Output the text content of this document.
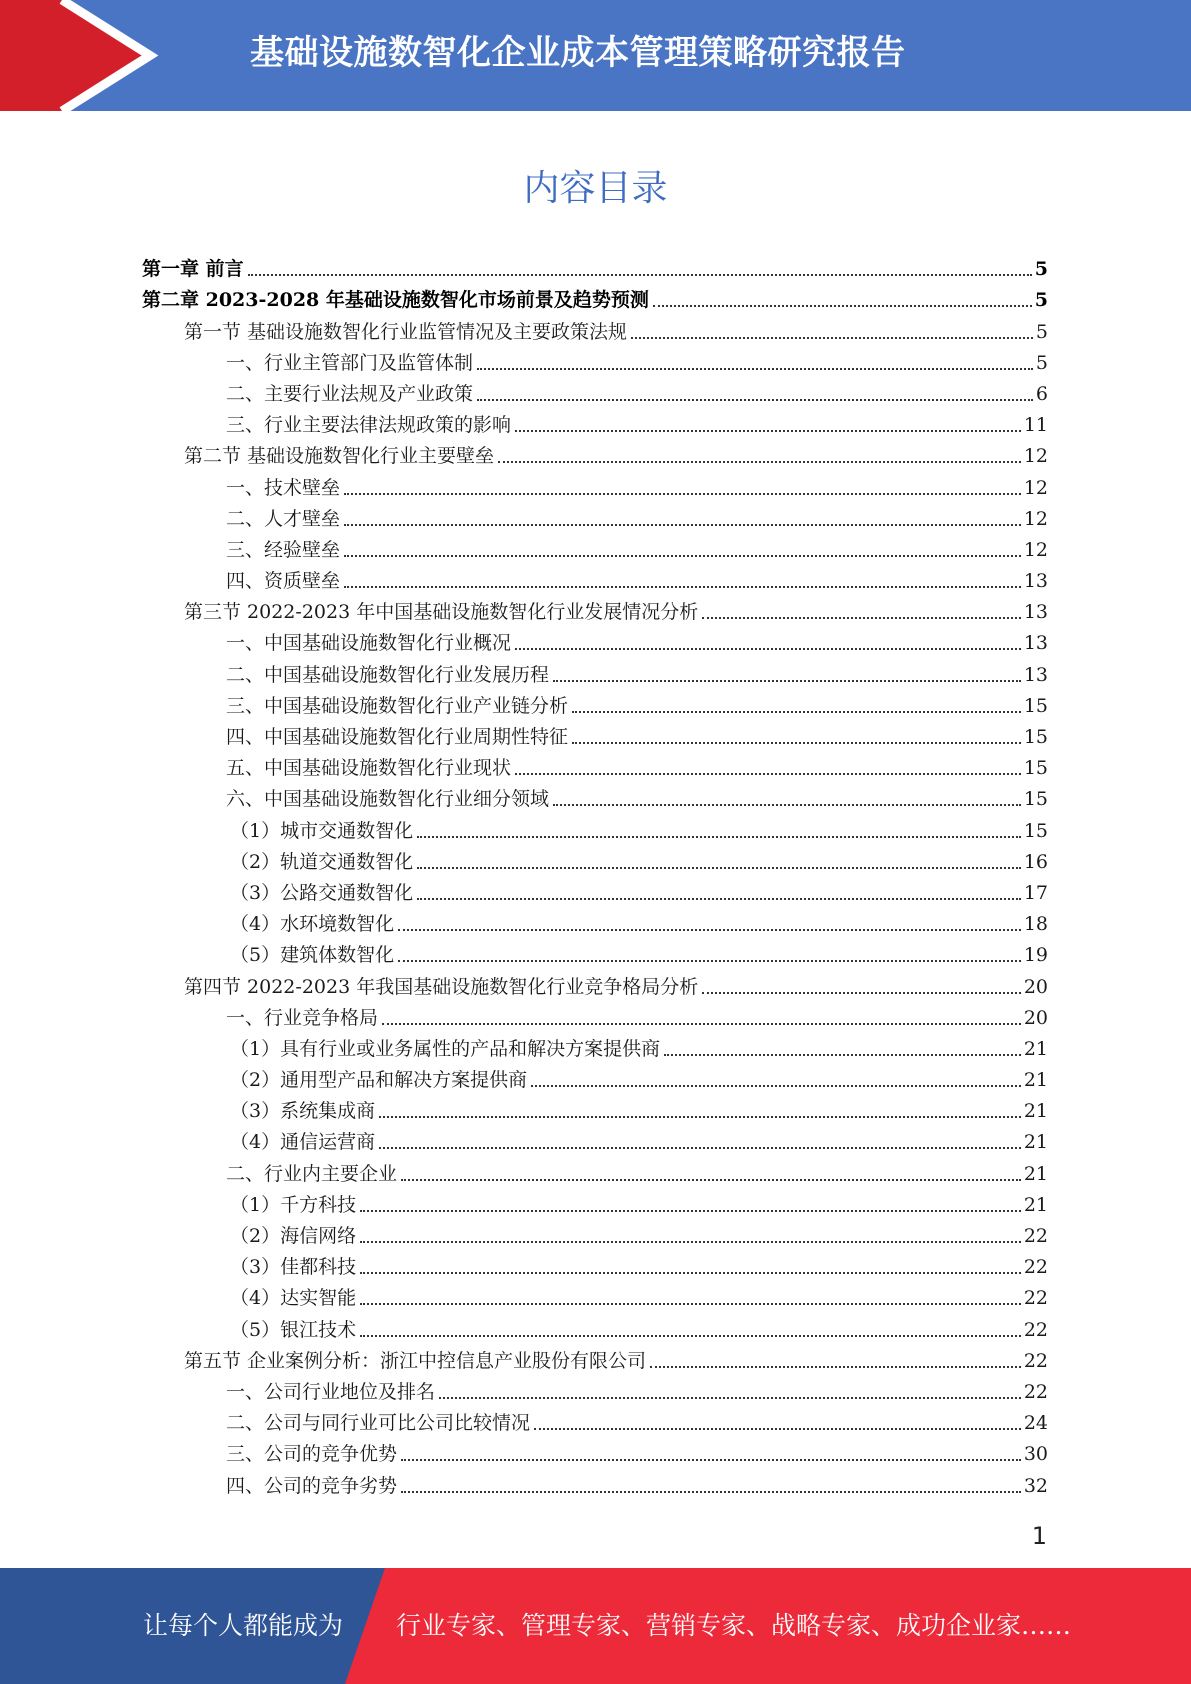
基础设施数智化企业成本管理策略研究报告
内容目录
第一章 前言	5
第二章 2023-2028 年基础设施数智化市场前景及趋势预测	5
第一节 基础设施数智化行业监管情况及主要政策法规	5
一、行业主管部门及监管体制	5
二、主要行业法规及产业政策	6
三、行业主要法律法规政策的影响	11
第二节 基础设施数智化行业主要壁垒	12
一、技术壁垒	12
二、人才壁垒	12
三、经验壁垒	12
四、资质壁垒	13
第三节 2022-2023 年中国基础设施数智化行业发展情况分析	13
一、中国基础设施数智化行业概况	13
二、中国基础设施数智化行业发展历程	13
三、中国基础设施数智化行业产业链分析	15
四、中国基础设施数智化行业周期性特征	15
五、中国基础设施数智化行业现状	15
六、中国基础设施数智化行业细分领域	15
（1）城市交通数智化	15
（2）轨道交通数智化	16
（3）公路交通数智化	17
（4）水环境数智化	18
（5）建筑体数智化	19
第四节 2022-2023 年我国基础设施数智化行业竞争格局分析	20
一、行业竞争格局	20
（1）具有行业或业务属性的产品和解决方案提供商	21
（2）通用型产品和解决方案提供商	21
（3）系统集成商	21
（4）通信运营商	21
二、行业内主要企业	21
（1）千方科技	21
（2）海信网络	22
（3）佳都科技	22
（4）达实智能	22
（5）银江技术	22
第五节 企业案例分析：浙江中控信息产业股份有限公司	22
一、公司行业地位及排名	22
二、公司与同行业可比公司比较情况	24
三、公司的竞争优势	30
四、公司的竞争劣势	32
1
让每个人都能成为 行业专家、管理专家、营销专家、战略专家、成功企业家……
